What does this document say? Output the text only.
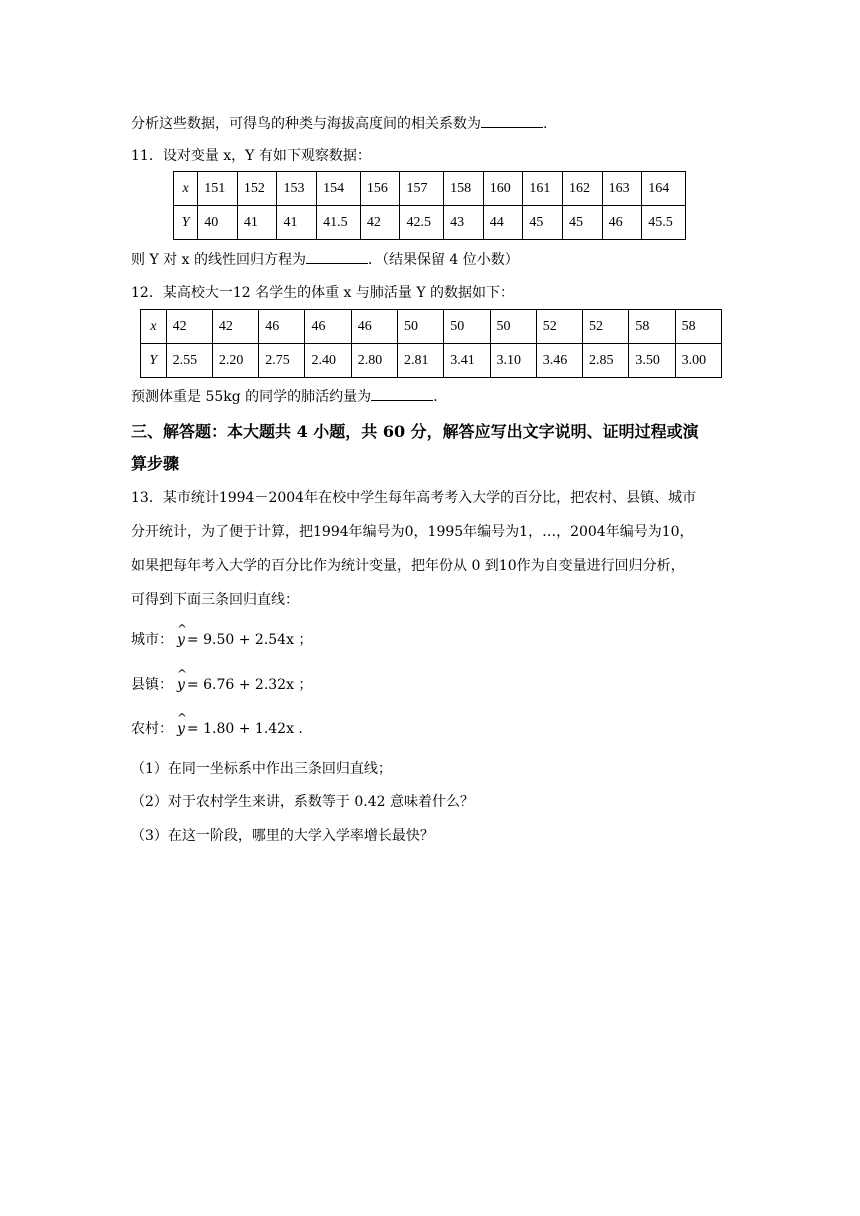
分析这些数据，可得鸟的种类与海拔高度间的相关系数为	.
11．设对变量 x，Y 有如下观察数据：
x	151	152	153	154	156	157	158	160	161	162	163	164
Y	40	41	41	41.5	42	42.5	43	44	45	45	46	45.5
则 Y 对 x 的线性回归方程为	．（结果保留 4 位小数）
12．某高校大一12 名学生的体重 x 与肺活量 Y 的数据如下：
x	42	42	46	46	46	50	50	50	52	52	58	58
Y	2.55	2.20	2.75	2.40	2.80	2.81	3.41	3.10	3.46	2.85	3.50	3.00
预测体重是 55kg 的同学的肺活约量为	.
三、解答题：本大题共 4 小题，共 60 分，解答应写出文字说明、证明过程或演
算步骤
13．某市统计1994－2004年在校中学生每年高考考入大学的百分比，把农村、县镇、城市
分开统计，为了便于计算，把1994年编号为0，1995年编号为1，…，2004年编号为10，
如果把每年考入大学的百分比作为统计变量，把年份从 0 到10作为自变量进行回归分析，
可得到下面三条回归直线：
城市：
^
y = 9.50 + 2.54x ；
县镇：
^
y = 6.76 + 2.32x ；
农村：
^
y = 1.80 + 1.42x .
（1）在同一坐标系中作出三条回归直线；
（2）对于农村学生来讲，系数等于 0.42 意味着什么？
（3）在这一阶段，哪里的大学入学率增长最快？
